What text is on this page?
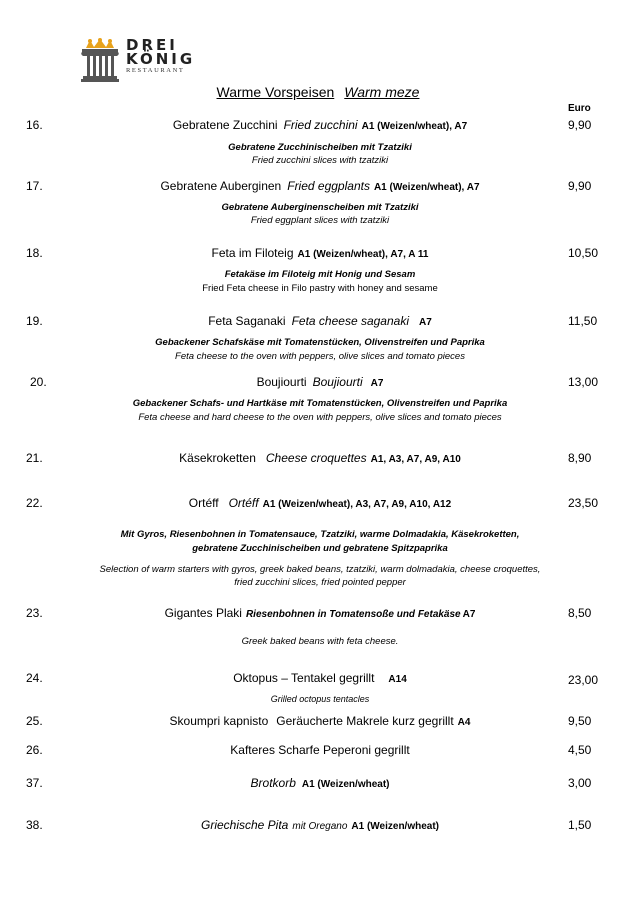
DREI
KÖNIG
RESTAURANT
Warme Vorspeisen Warm meze
Euro
16.	Gebratene Zucchini Fried zucchini A1 (Weizen/wheat), A7	9,90
Gebratene Zucchinischeiben mit Tzatziki
Fried zucchini slices with tzatziki
17.	Gebratene Auberginen Fried eggplants A1 (Weizen/wheat), A7	9,90
Gebratene Auberginenscheiben mit Tzatziki
Fried eggplant slices with tzatziki
18.	Feta im Filoteig A1 (Weizen/wheat), A7, A 11	10,50
Fetakäse im Filoteig mit Honig und Sesam
Fried Feta cheese in Filo pastry with honey and sesame
19.	Feta Saganaki Feta cheese saganaki A7	11,50
Gebackener Schafskäse mit Tomatenstücken, Olivenstreifen und Paprika
Feta cheese to the oven with peppers, olive slices and tomato pieces
20.	Boujiourti Boujiourti A7	13,00
Gebackener Schafs- und Hartkäse mit Tomatenstücken, Olivenstreifen und Paprika
Feta cheese and hard cheese to the oven with peppers, olive slices and tomato pieces
21.	Käsekroketten Cheese croquettes A1, A3, A7, A9, A10	8,90
22.	Ortéff Ortéff A1 (Weizen/wheat), A3, A7, A9, A10, A12	23,50
Mit Gyros, Riesenbohnen in Tomatensauce, Tzatziki, warme Dolmadakia, Käsekroketten,
gebratene Zucchinischeiben und gebratene Spitzpaprika
Selection of warm starters with gyros, greek baked beans, tzatziki, warm dolmadakia, cheese croquettes,
fried zucchini slices, fried pointed pepper
23.	Gigantes Plaki Riesenbohnen in Tomatensoße und Fetakäse A7	8,50
Greek baked beans with feta cheese.
24.	Oktopus – Tentakel gegrillt A14	23,00
Grilled octopus tentacles
25.	Skoumpri kapnisto Geräucherte Makrele kurz gegrillt A4	9,50
26.	Kafteres Scharfe Peperoni gegrillt	4,50
37.	Brotkorb A1 (Weizen/wheat)	3,00
38.	Griechische Pita mit Oregano A1 (Weizen/wheat)	1,50
